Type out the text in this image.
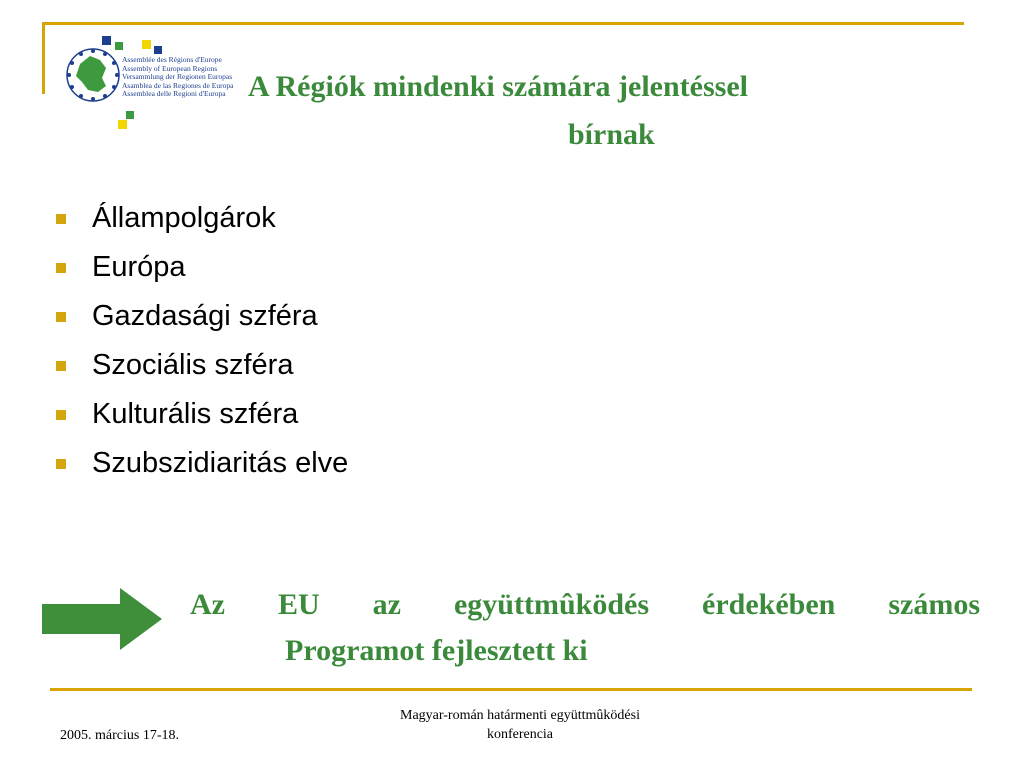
Assemblée des Régions d'Europe
Assembly of European Regions
Versammlung der Regionen Europas
Asamblea de las Regiones de Europa
Assemblea delle Regioni d'Europa A Régiók mindenki számára jelentéssel
bírnak
Állampolgárok
Európa
Gazdasági szféra
Szociális szféra
Kulturális szféra
Szubszidiaritás elve
Az EU az együttmûködés érdekében számos
Programot fejlesztett ki
2005. március 17-18.
Magyar-román határmenti együttmûködési
konferencia
